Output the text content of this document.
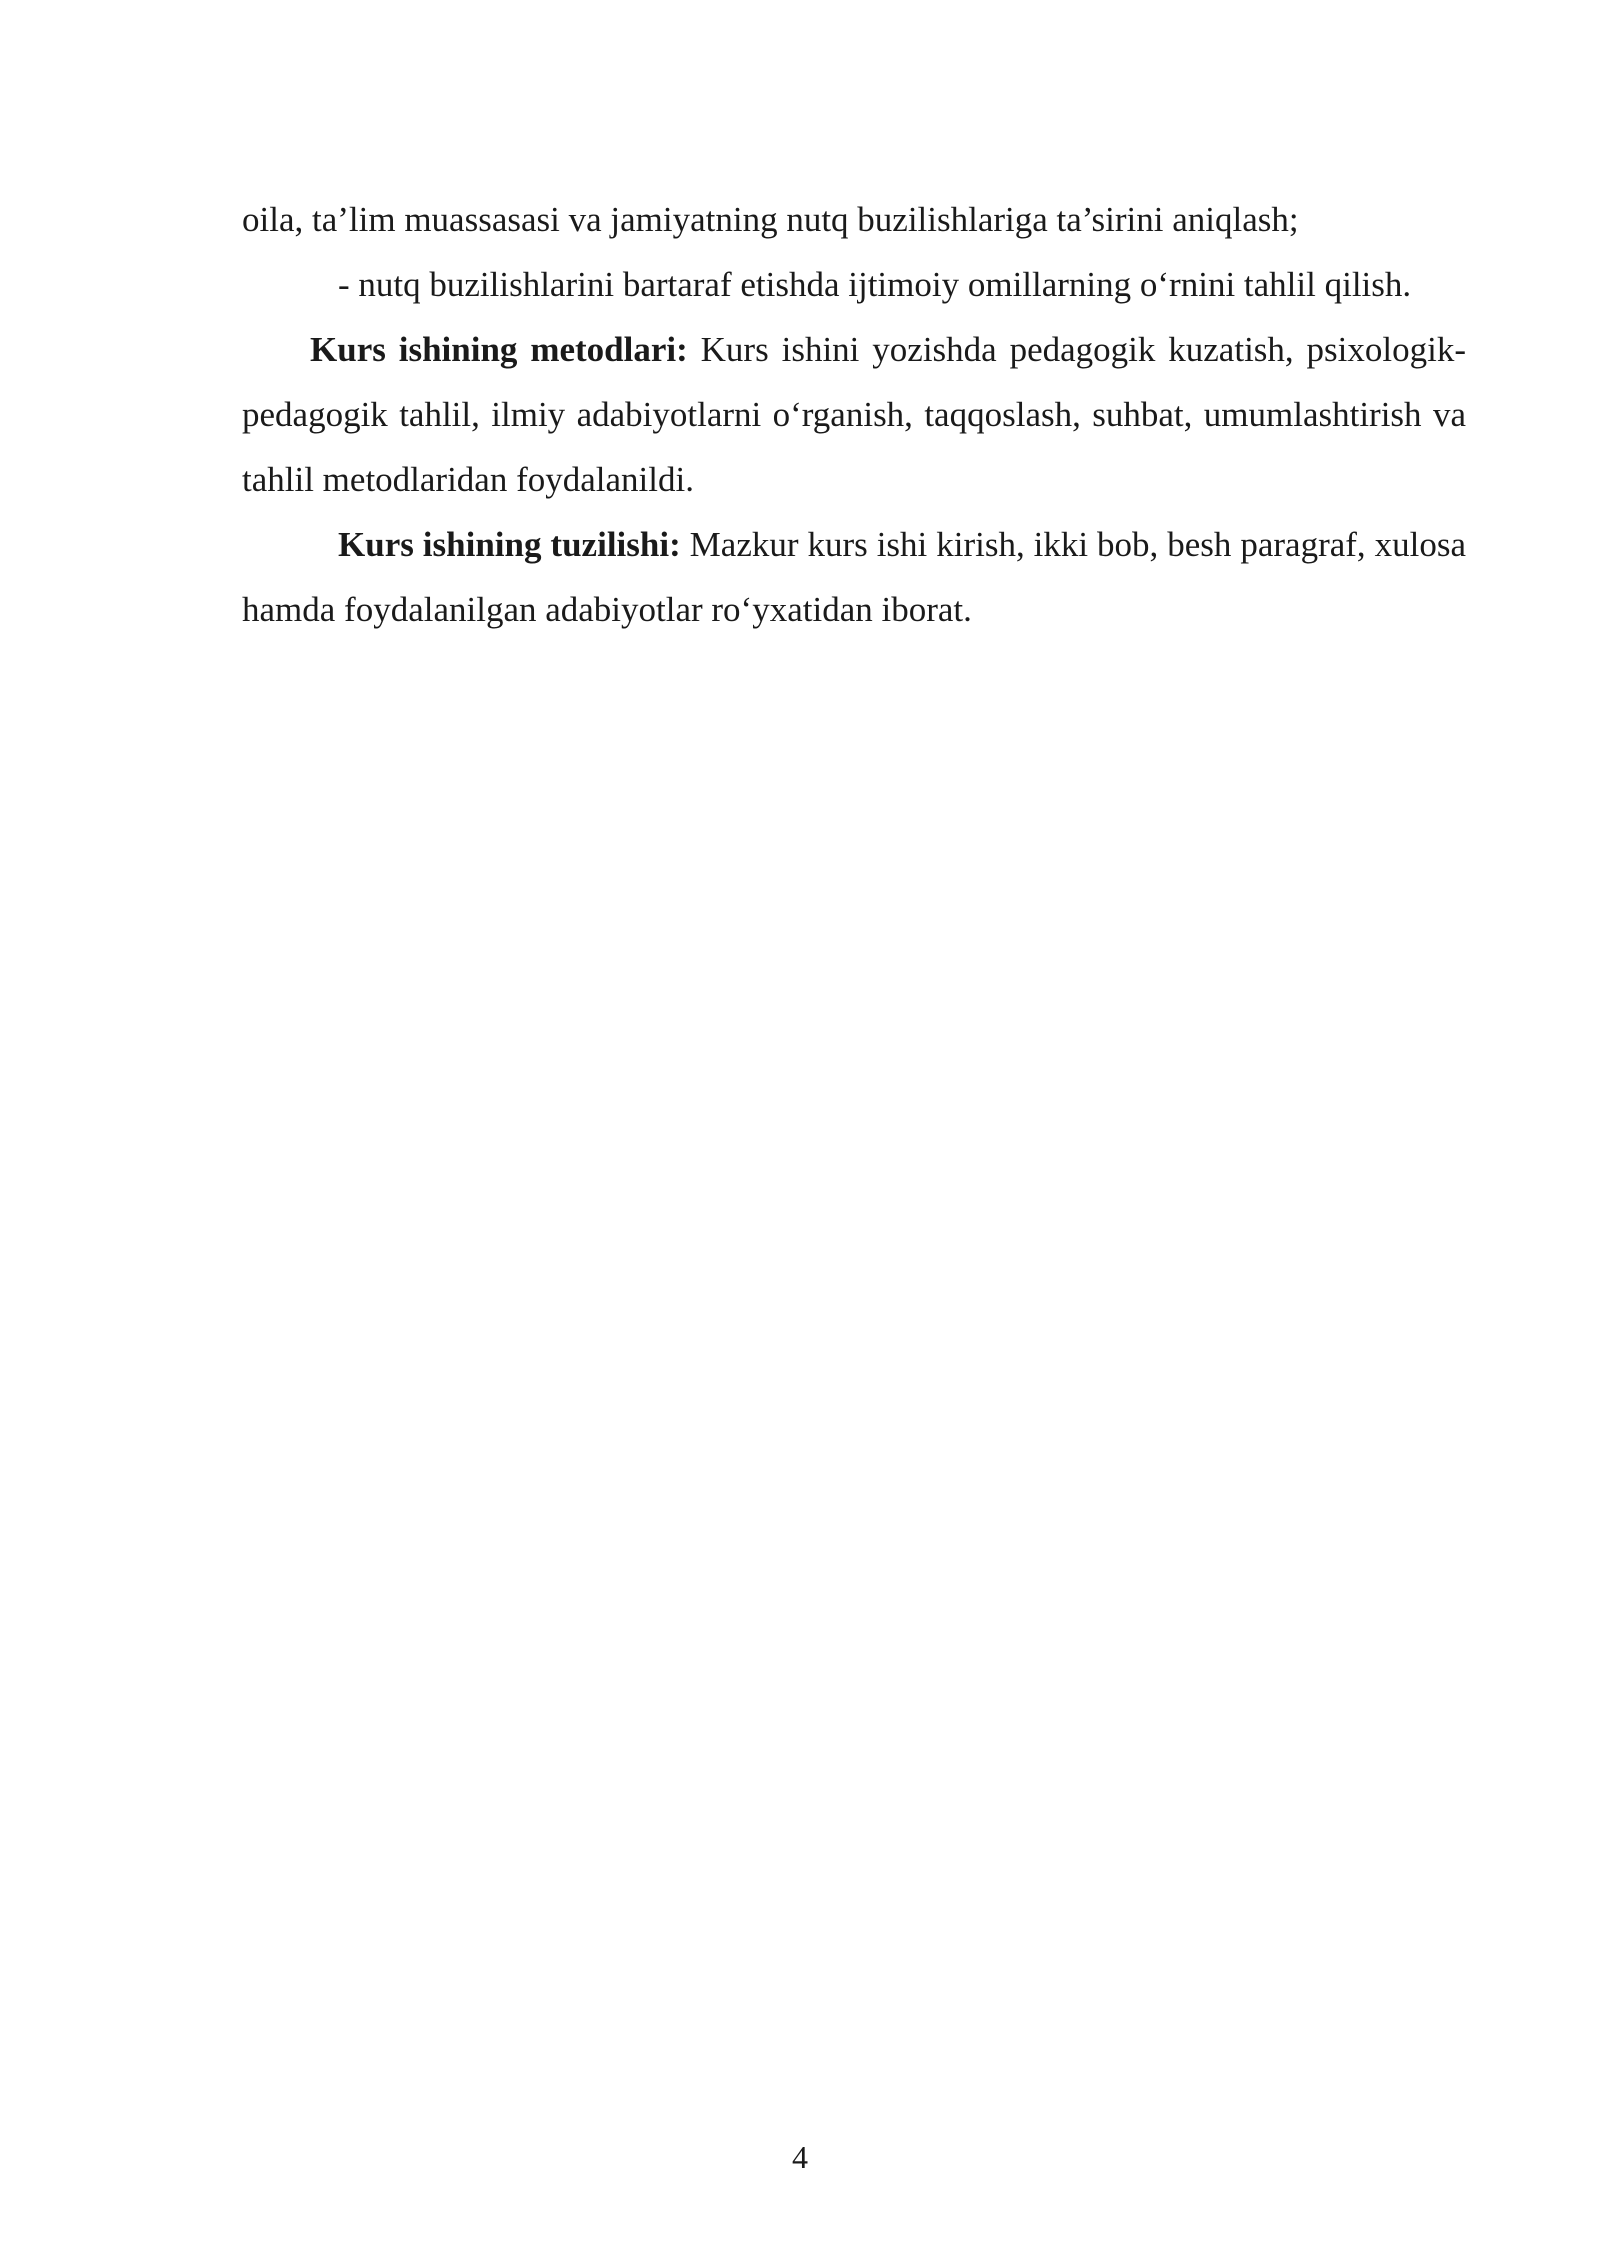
oila, ta’lim muassasasi va jamiyatning nutq buzilishlariga ta’sirini aniqlash;

- nutq buzilishlarini bartaraf etishda ijtimoiy omillarning o‘rnini tahlil qilish.

Kurs ishining metodlari: Kurs ishini yozishda pedagogik kuzatish, psixologik-pedagogik tahlil, ilmiy adabiyotlarni o‘rganish, taqqoslash, suhbat, umumlashtirish va tahlil metodlaridan foydalanildi.

Kurs ishining tuzilishi: Mazkur kurs ishi kirish, ikki bob, besh paragraf, xulosa hamda foydalanilgan adabiyotlar ro‘yxatidan iborat.

4
